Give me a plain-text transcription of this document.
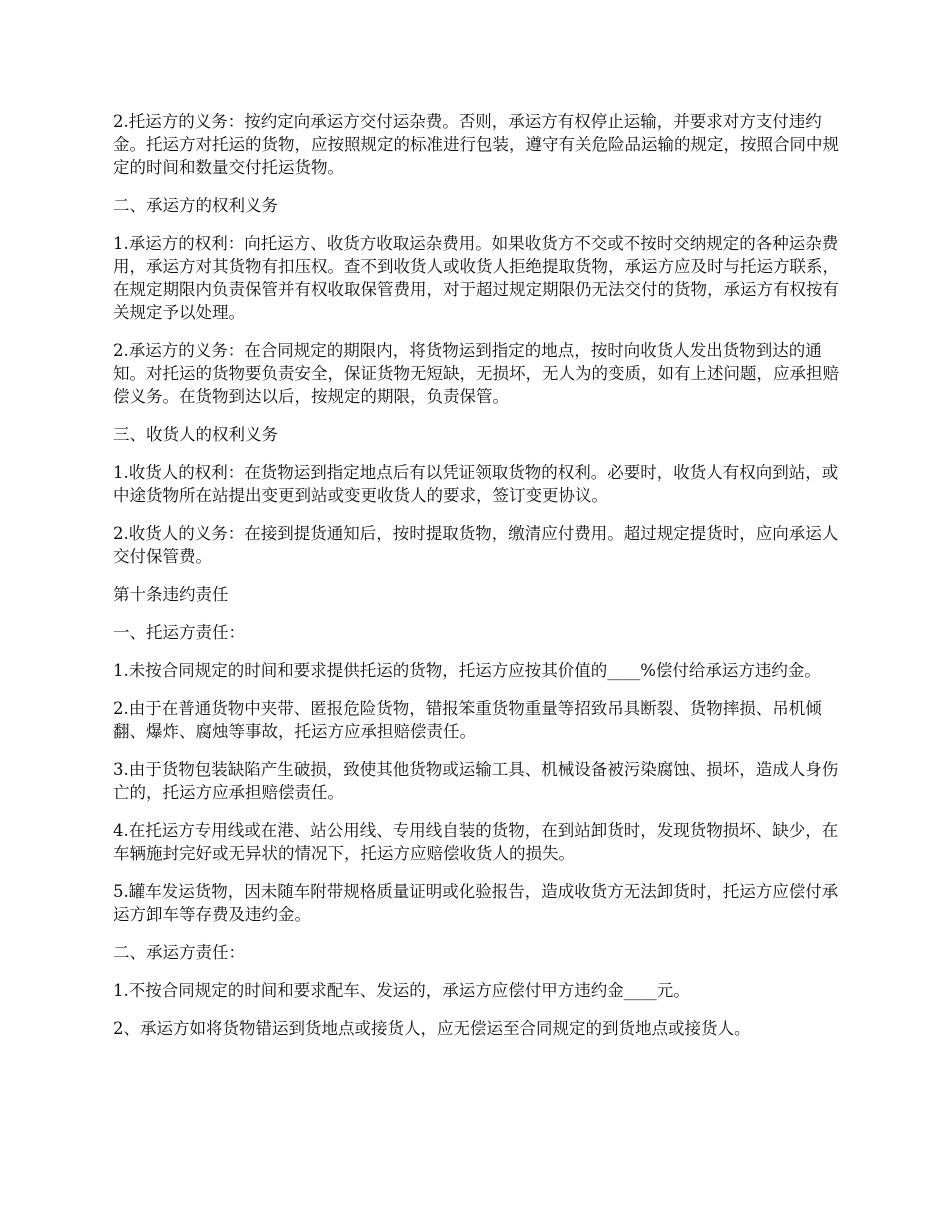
2.托运方的义务：按约定向承运方交付运杂费。否则，承运方有权停止运输，并要求对方支付违约金。托运方对托运的货物，应按照规定的标准进行包装，遵守有关危险品运输的规定，按照合同中规定的时间和数量交付托运货物。

二、承运方的权利义务

1.承运方的权利：向托运方、收货方收取运杂费用。如果收货方不交或不按时交纳规定的各种运杂费用，承运方对其货物有扣压权。查不到收货人或收货人拒绝提取货物，承运方应及时与托运方联系，在规定期限内负责保管并有权收取保管费用，对于超过规定期限仍无法交付的货物，承运方有权按有关规定予以处理。

2.承运方的义务：在合同规定的期限内，将货物运到指定的地点，按时向收货人发出货物到达的通知。对托运的货物要负责安全，保证货物无短缺，无损坏，无人为的变质，如有上述问题，应承担赔偿义务。在货物到达以后，按规定的期限，负责保管。

三、收货人的权利义务

1.收货人的权利：在货物运到指定地点后有以凭证领取货物的权利。必要时，收货人有权向到站，或中途货物所在站提出变更到站或变更收货人的要求，签订变更协议。

2.收货人的义务：在接到提货通知后，按时提取货物，缴清应付费用。超过规定提货时，应向承运人交付保管费。

第十条违约责任

一、托运方责任：

1.未按合同规定的时间和要求提供托运的货物，托运方应按其价值的____%偿付给承运方违约金。

2.由于在普通货物中夹带、匿报危险货物，错报笨重货物重量等招致吊具断裂、货物摔损、吊机倾翻、爆炸、腐烛等事故，托运方应承担赔偿责任。

3.由于货物包装缺陷产生破损，致使其他货物或运输工具、机械设备被污染腐蚀、损坏，造成人身伤亡的，托运方应承担赔偿责任。

4.在托运方专用线或在港、站公用线、专用线自装的货物，在到站卸货时，发现货物损坏、缺少，在车辆施封完好或无异状的情况下，托运方应赔偿收货人的损失。

5.罐车发运货物，因未随车附带规格质量证明或化验报告，造成收货方无法卸货时，托运方应偿付承运方卸车等存费及违约金。

二、承运方责任：

1.不按合同规定的时间和要求配车、发运的，承运方应偿付甲方违约金____元。

2、承运方如将货物错运到货地点或接货人，应无偿运至合同规定的到货地点或接货人。
